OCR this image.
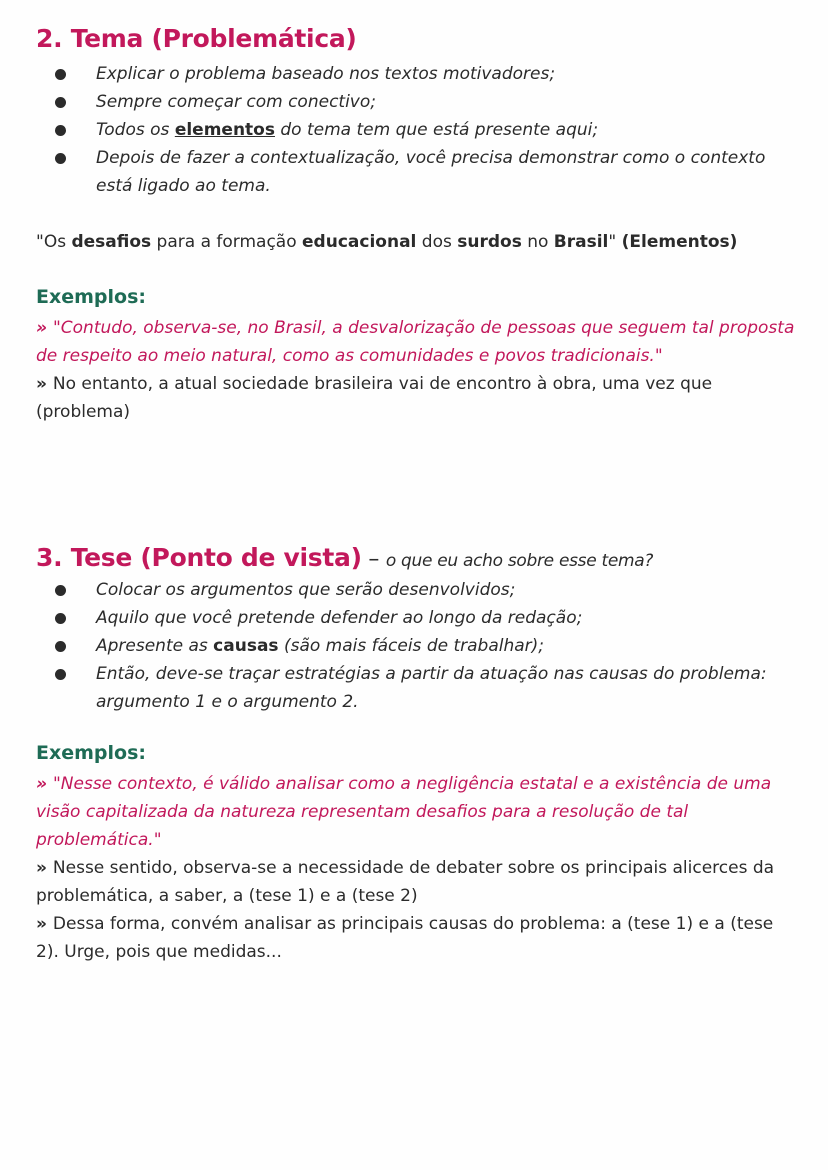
2. Tema (Problemática)
Explicar o problema baseado nos textos motivadores;
Sempre começar com conectivo;
Todos os elementos do tema tem que está presente aqui;
Depois de fazer a contextualização, você precisa demonstrar como o contexto está ligado ao tema.
"Os desafios para a formação educacional dos surdos no Brasil" (Elementos)
Exemplos:
» "Contudo, observa-se, no Brasil, a desvalorização de pessoas que seguem tal proposta de respeito ao meio natural, como as comunidades e povos tradicionais."
» No entanto, a atual sociedade brasileira vai de encontro à obra, uma vez que (problema)
3. Tese (Ponto de vista) – o que eu acho sobre esse tema?
Colocar os argumentos que serão desenvolvidos;
Aquilo que você pretende defender ao longo da redação;
Apresente as causas (são mais fáceis de trabalhar);
Então, deve-se traçar estratégias a partir da atuação nas causas do problema: argumento 1 e o argumento 2.
Exemplos:
» "Nesse contexto, é válido analisar como a negligência estatal e a existência de uma visão capitalizada da natureza representam desafios para a resolução de tal problemática."
» Nesse sentido, observa-se a necessidade de debater sobre os principais alicerces da problemática, a saber, a (tese 1) e a (tese 2)
» Dessa forma, convém analisar as principais causas do problema: a (tese 1) e a (tese 2). Urge, pois que medidas...
